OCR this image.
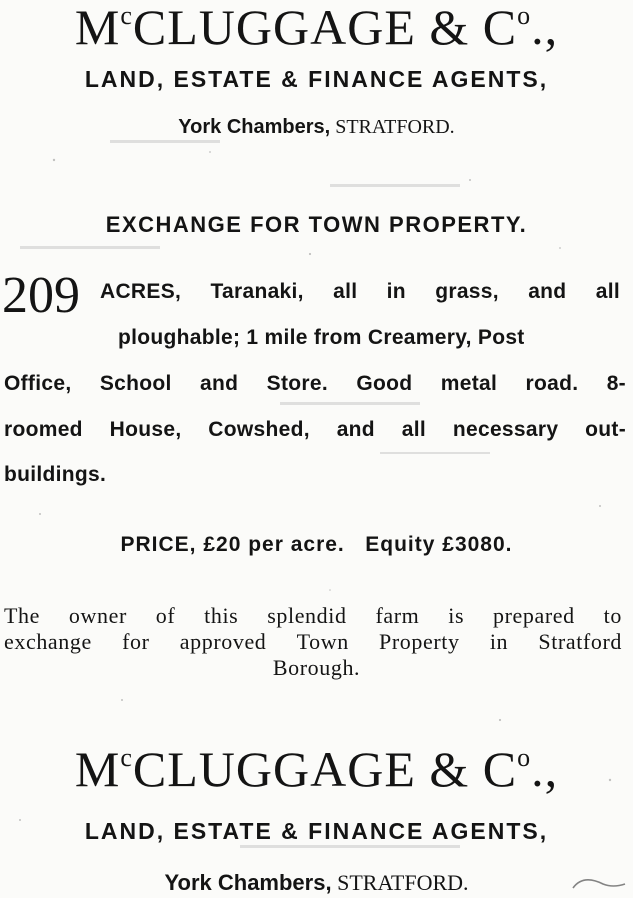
$M^cCLUGGAGE$ & $C^o$.,
LAND, ESTATE & FINANCE AGENTS,
York Chambers, STRATFORD.
EXCHANGE FOR TOWN PROPERTY.
209 ACRES, Taranaki, all in grass, and all
ploughable; 1 mile from Creamery, Post
Office, School and Store. Good metal road. 8-
roomed House, Cowshed, and all necessary out-
buildings.
PRICE, £20 per acre.   Equity £3080.
The owner of this splendid farm is prepared to
exchange for approved Town Property in Stratford
Borough.
$M^cCLUGGAGE$ & $C^o$.,
LAND, ESTATE & FINANCE AGENTS,
York Chambers, STRATFORD.
